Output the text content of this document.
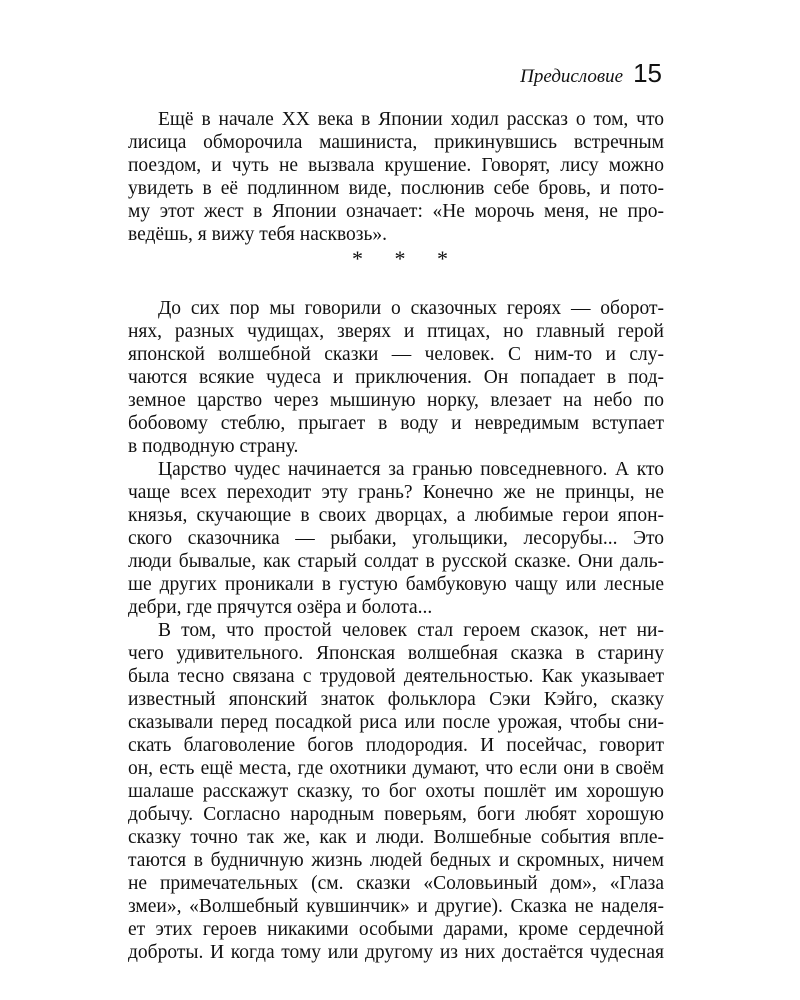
Предисловие 15
Ещё в начале XX века в Японии ходил рассказ о том, что
лисица обморочила машиниста, прикинувшись встречным
поездом, и чуть не вызвала крушение. Говорят, лису можно
увидеть в её подлинном виде, послюнив себе бровь, и пото-
му этот жест в Японии означает: «Не морочь меня, не про-
ведёшь, я вижу тебя насквозь».
* * *
До сих пор мы говорили о сказочных героях — оборот-
нях, разных чудищах, зверях и птицах, но главный герой
японской волшебной сказки — человек. С ним-то и слу-
чаются всякие чудеса и приключения. Он попадает в под-
земное царство через мышиную норку, влезает на небо по
бобовому стеблю, прыгает в воду и невредимым вступает
в подводную страну.
Царство чудес начинается за гранью повседневного. А кто
чаще всех переходит эту грань? Конечно же не принцы, не
князья, скучающие в своих дворцах, а любимые герои япон-
ского сказочника — рыбаки, угольщики, лесорубы... Это
люди бывалые, как старый солдат в русской сказке. Они даль-
ше других проникали в густую бамбуковую чащу или лесные
дебри, где прячутся озёра и болота...
В том, что простой человек стал героем сказок, нет ни-
чего удивительного. Японская волшебная сказка в старину
была тесно связана с трудовой деятельностью. Как указывает
известный японский знаток фольклора Сэки Кэйго, сказку
сказывали перед посадкой риса или после урожая, чтобы сни-
скать благоволение богов плодородия. И посейчас, говорит
он, есть ещё места, где охотники думают, что если они в своём
шалаше расскажут сказку, то бог охоты пошлёт им хорошую
добычу. Согласно народным поверьям, боги любят хорошую
сказку точно так же, как и люди. Волшебные события впле-
таются в будничную жизнь людей бедных и скромных, ничем
не примечательных (см. сказки «Соловьиный дом», «Глаза
змеи», «Волшебный кувшинчик» и другие). Сказка не наделя-
ет этих героев никакими особыми дарами, кроме сердечной
доброты. И когда тому или другому из них достаётся чудесная
